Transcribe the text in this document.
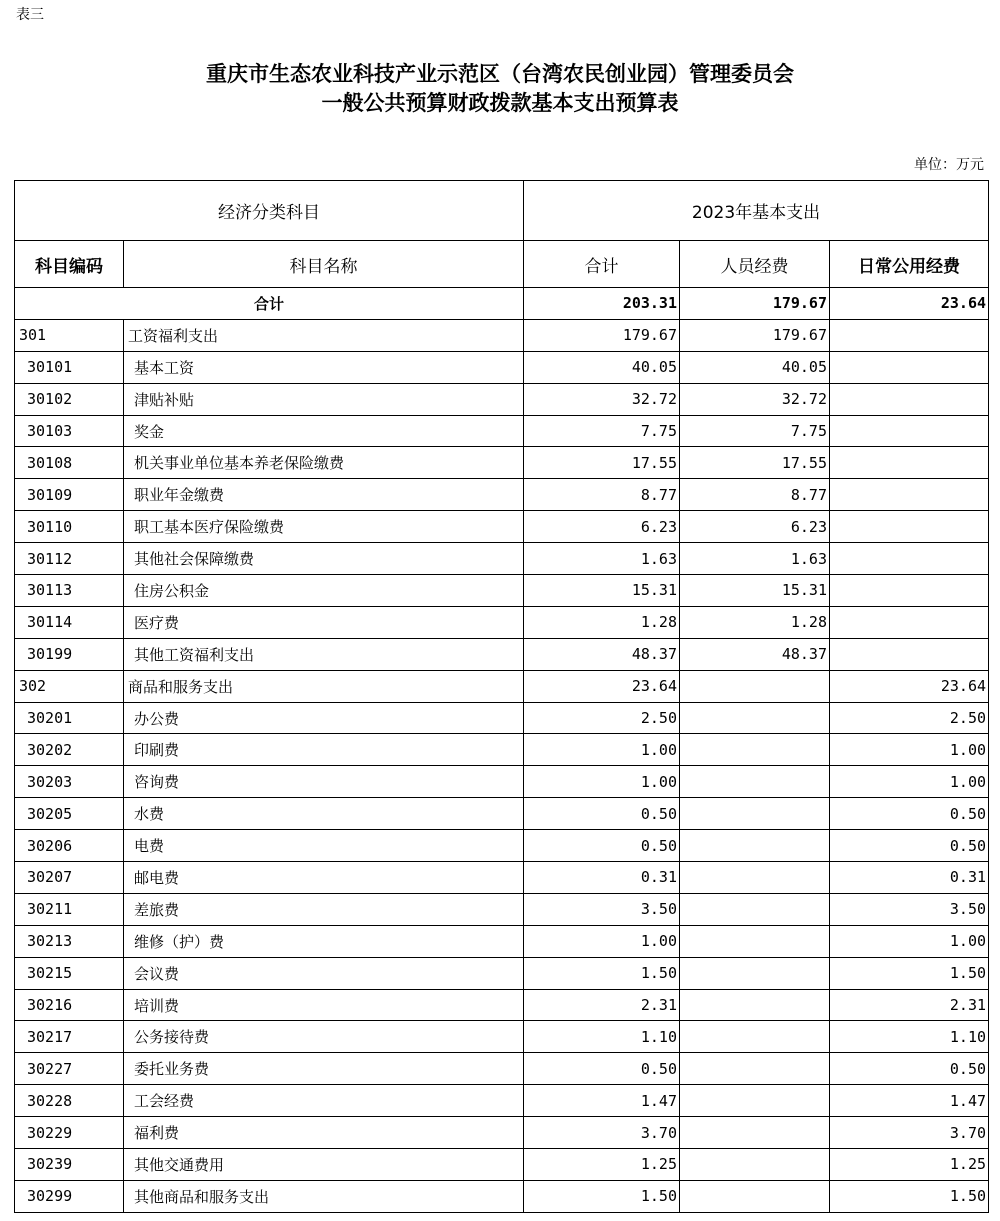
表三
重庆市生态农业科技产业示范区（台湾农民创业园）管理委员会
一般公共预算财政拨款基本支出预算表
单位：万元
经济分类科目		2023年基本支出		
科目编码	科目名称	合计	人员经费	日常公用经费
合计		203.31	179.67	23.64
301	工资福利支出	179.67	179.67	
30101	基本工资	40.05	40.05	
30102	津贴补贴	32.72	32.72	
30103	奖金	7.75	7.75	
30108	机关事业单位基本养老保险缴费	17.55	17.55	
30109	职业年金缴费	8.77	8.77	
30110	职工基本医疗保险缴费	6.23	6.23	
30112	其他社会保障缴费	1.63	1.63	
30113	住房公积金	15.31	15.31	
30114	医疗费	1.28	1.28	
30199	其他工资福利支出	48.37	48.37	
302	商品和服务支出	23.64		23.64
30201	办公费	2.50		2.50
30202	印刷费	1.00		1.00
30203	咨询费	1.00		1.00
30205	水费	0.50		0.50
30206	电费	0.50		0.50
30207	邮电费	0.31		0.31
30211	差旅费	3.50		3.50
30213	维修（护）费	1.00		1.00
30215	会议费	1.50		1.50
30216	培训费	2.31		2.31
30217	公务接待费	1.10		1.10
30227	委托业务费	0.50		0.50
30228	工会经费	1.47		1.47
30229	福利费	3.70		3.70
30239	其他交通费用	1.25		1.25
30299	其他商品和服务支出	1.50		1.50
